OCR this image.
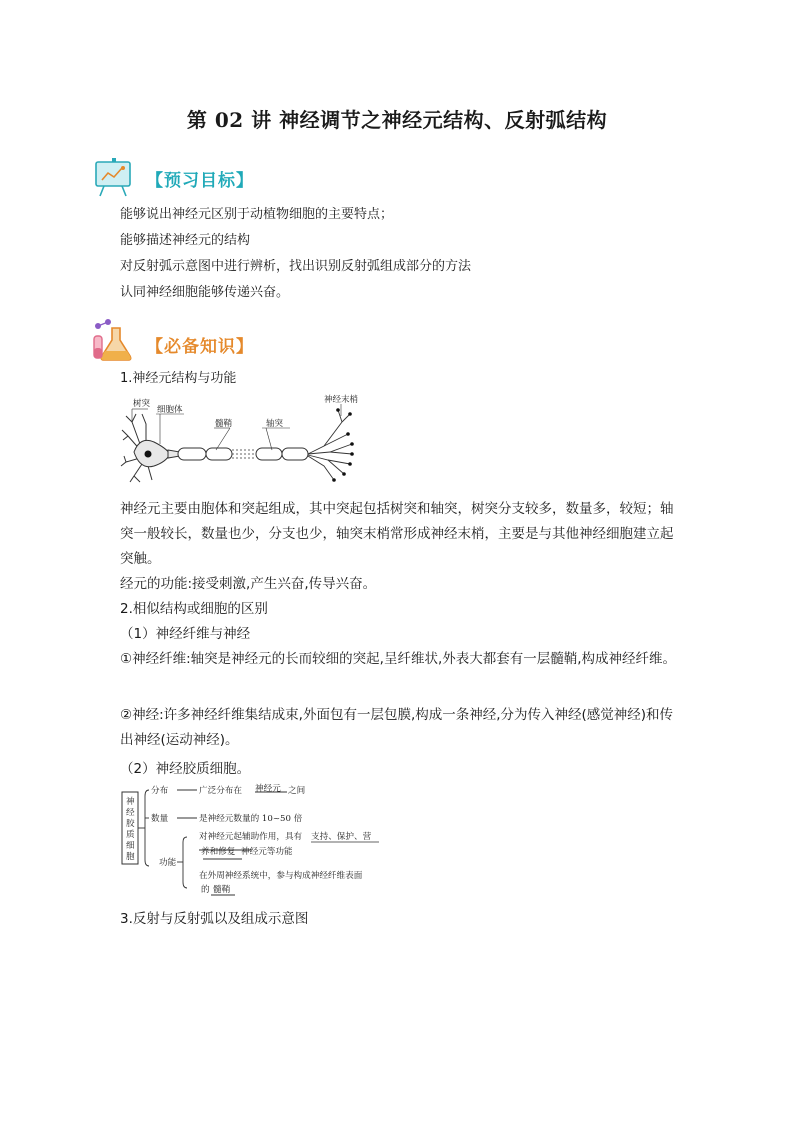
第 02 讲 神经调节之神经元结构、反射弧结构
【预习目标】
能够说出神经元区别于动植物细胞的主要特点；
能够描述神经元的结构
对反射弧示意图中进行辨析，找出识别反射弧组成部分的方法
认同神经细胞能够传递兴奋。
【必备知识】
1.神经元结构与功能
树突
细胞体
髓鞘	轴突
神经末梢
神经元主要由胞体和突起组成，其中突起包括树突和轴突，树突分支较多，数量多，较短；轴突一般较长，数量也少，分支也少，轴突末梢常形成神经末梢，主要是与其他神经细胞建立起突触。
经元的功能:接受刺激,产生兴奋,传导兴奋。
2.相似结构或细胞的区别
（1）神经纤维与神经
①神经纤维:轴突是神经元的长而较细的突起,呈纤维状,外表大都套有一层髓鞘,构成神经纤维。
②神经:许多神经纤维集结成束,外面包有一层包膜,构成一条神经,分为传入神经(感觉神经)和传出神经(运动神经)。
（2）神经胶质细胞。
神
经
胶
质
细
胞
分布	广泛分布在 神经元 之间
数量	是神经元数量的 10~50 倍
功能
对神经元起辅助作用，具有 支持、保护、营
养和修复 神经元等功能
在外周神经系统中，参与构成神经纤维表面
的 髓鞘
3.反射与反射弧以及组成示意图
